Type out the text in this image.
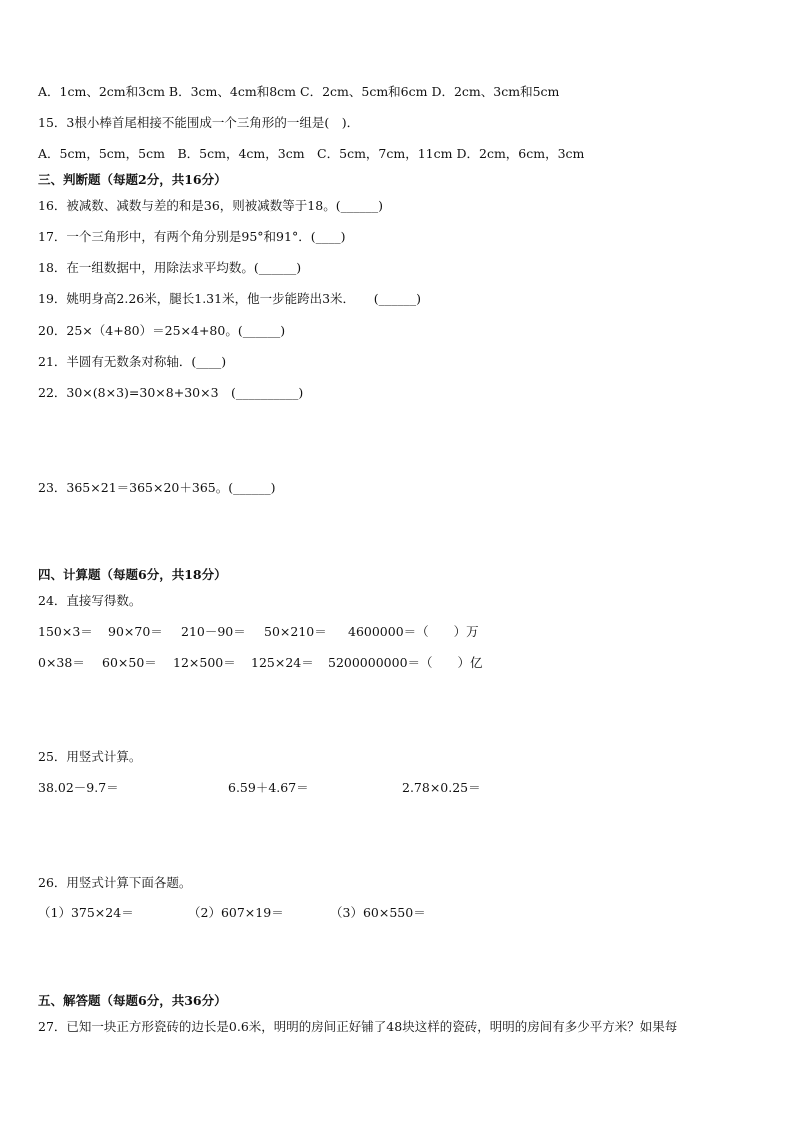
A．1cm、2cm和3cm B．3cm、4cm和8cm C．2cm、5cm和6cm D．2cm、3cm和5cm
15．3根小棒首尾相接不能围成一个三角形的一组是(　)．
A．5cm，5cm，5cm　B．5cm，4cm，3cm　C．5cm，7cm，11cm D．2cm，6cm，3cm
三、判断题（每题2分，共16分）
16．被减数、减数与差的和是36，则被减数等于18。(______)
17．一个三角形中，有两个角分别是95°和91°．(____)
18．在一组数据中，用除法求平均数。(______)
19．姚明身高2.26米，腿长1.31米，他一步能跨出3米．　　(______)
20．25×（4+80）＝25×4+80。(______)
21．半圆有无数条对称轴．(____)
22．30×(8×3)=30×8+30×3　(__________)
23．365×21＝365×20＋365。(______)
四、计算题（每题6分，共18分）
24．直接写得数。
150×3＝ 90×70＝ 210－90＝ 50×210＝ 4600000＝（　　）万
0×38＝ 60×50＝ 12×500＝ 125×24＝ 5200000000＝（　　）亿
25．用竖式计算。
38.02－9.7＝	6.59＋4.67＝	2.78×0.25＝
26．用竖式计算下面各题。
（1）375×24＝	（2）607×19＝	（3）60×550＝
五、解答题（每题6分，共36分）
27．已知一块正方形瓷砖的边长是0.6米，明明的房间正好铺了48块这样的瓷砖，明明的房间有多少平方米？如果每
